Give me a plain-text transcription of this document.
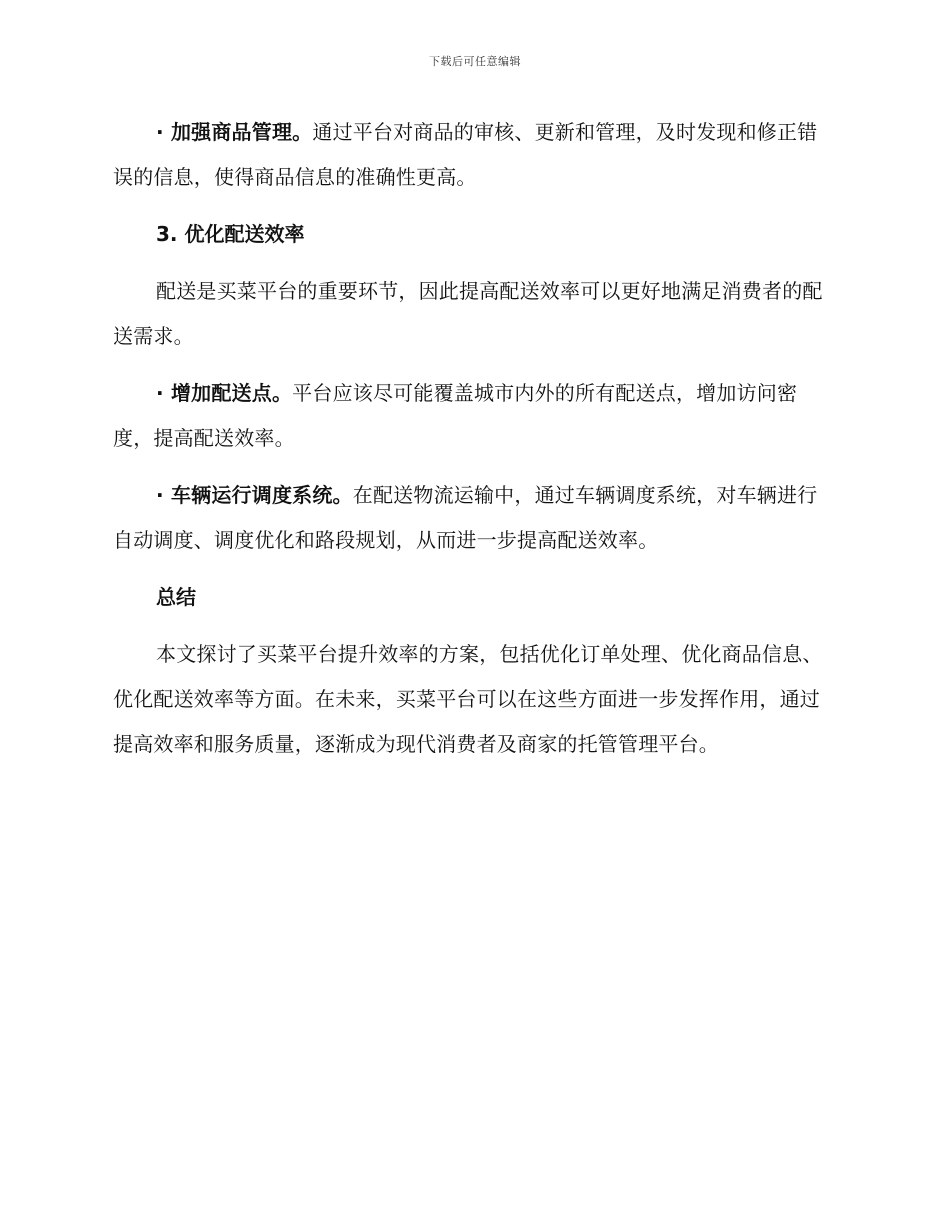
下载后可任意编辑

· 加强商品管理。通过平台对商品的审核、更新和管理，及时发现和修正错误的信息，使得商品信息的准确性更高。

3. 优化配送效率

配送是买菜平台的重要环节，因此提高配送效率可以更好地满足消费者的配送需求。

· 增加配送点。平台应该尽可能覆盖城市内外的所有配送点，增加访问密度，提高配送效率。

· 车辆运行调度系统。在配送物流运输中，通过车辆调度系统，对车辆进行自动调度、调度优化和路段规划，从而进一步提高配送效率。

总结

本文探讨了买菜平台提升效率的方案，包括优化订单处理、优化商品信息、优化配送效率等方面。在未来，买菜平台可以在这些方面进一步发挥作用，通过提高效率和服务质量，逐渐成为现代消费者及商家的托管管理平台。
